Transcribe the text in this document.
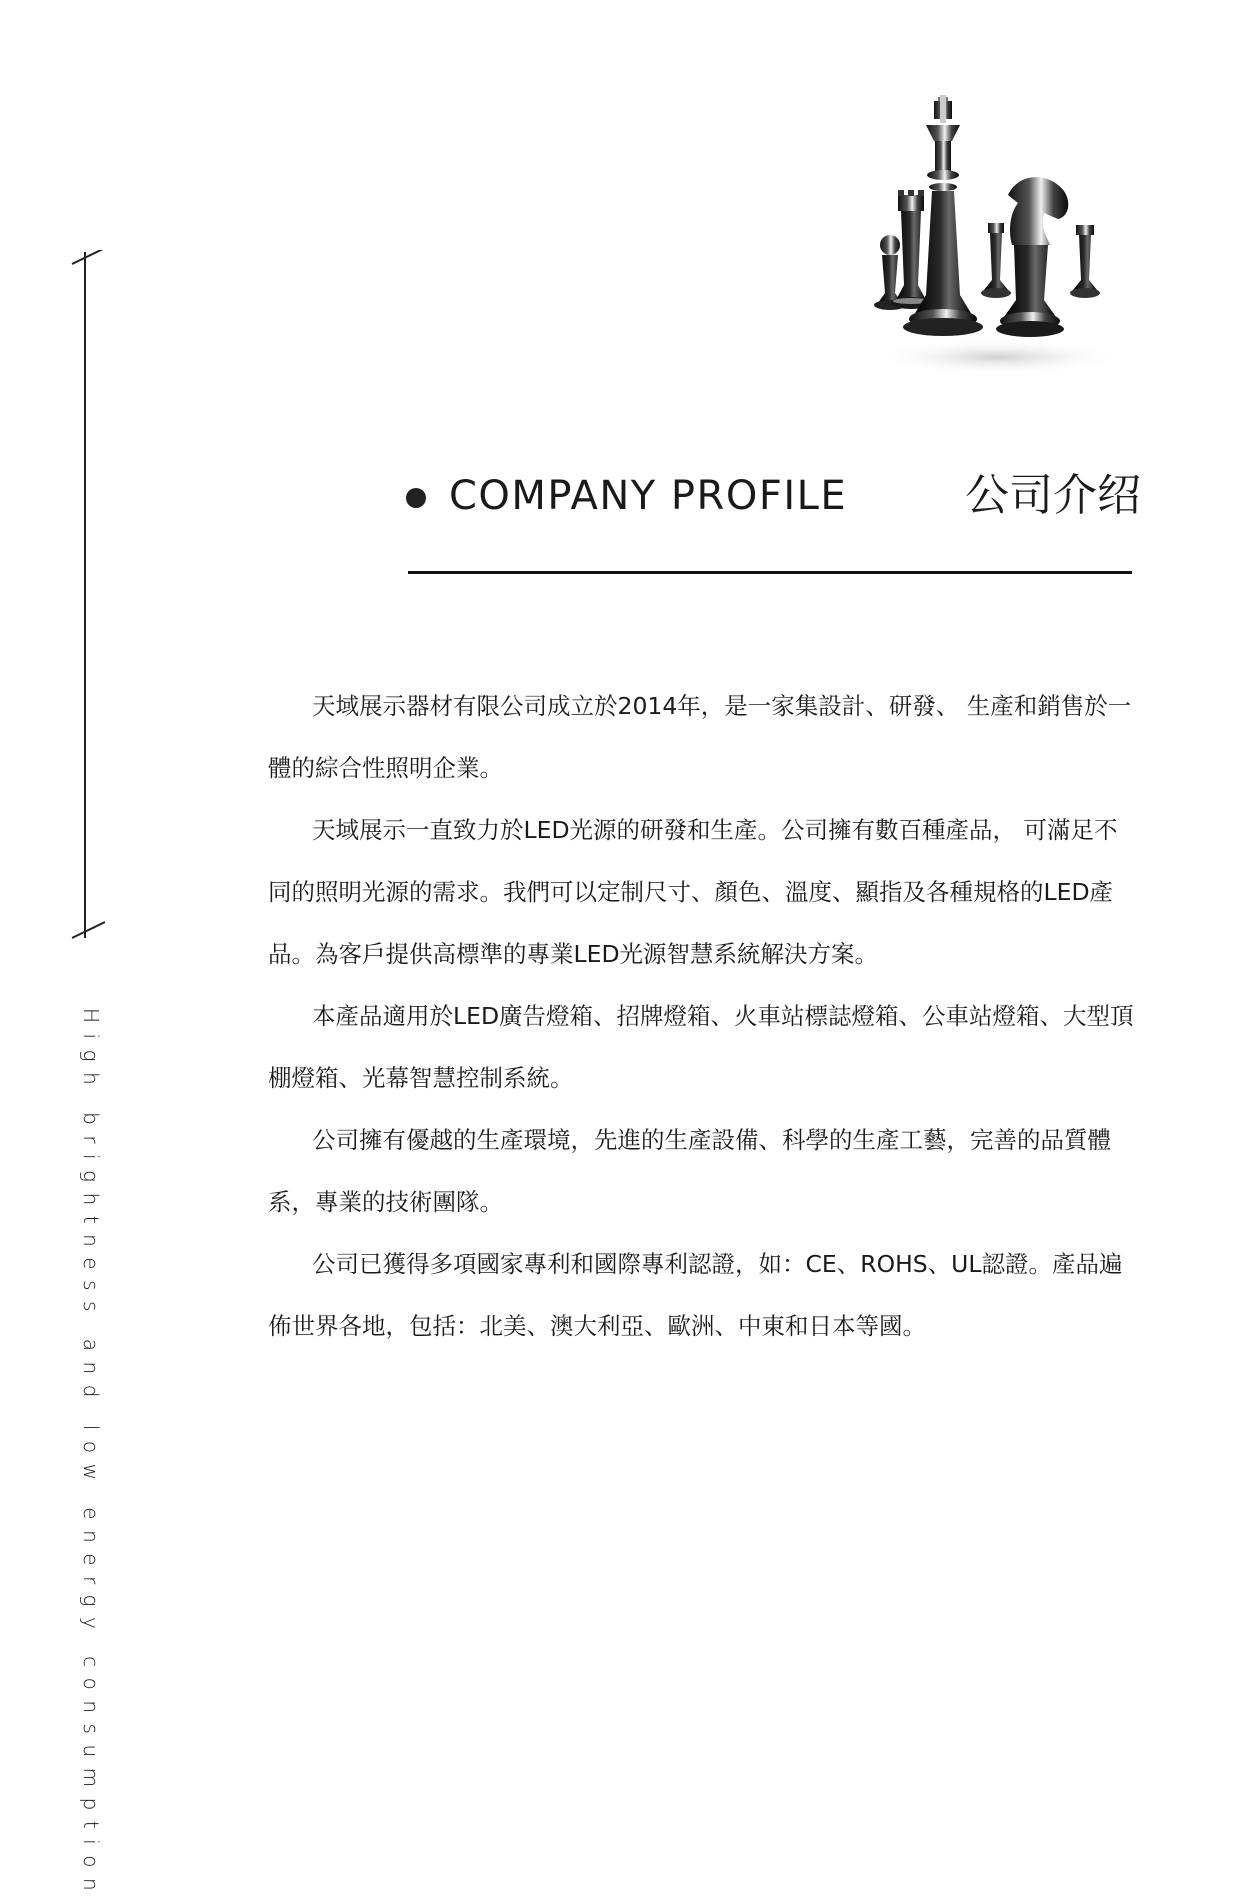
High brightness and low energy consumption
COMPANY PROFILE	公司介绍

天域展示器材有限公司成立於2014年，是一家集設計、研發、 生產和銷售於一
體的綜合性照明企業。

天域展示一直致力於LED光源的研發和生產。公司擁有數百種產品， 可滿足不
同的照明光源的需求。我們可以定制尺寸、顏色、溫度、顯指及各種規格的LED產
品。為客戶提供高標準的專業LED光源智慧系統解決方案。

本產品適用於LED廣告燈箱、招牌燈箱、火車站標誌燈箱、公車站燈箱、大型頂
棚燈箱、光幕智慧控制系統。

公司擁有優越的生產環境，先進的生產設備、科學的生產工藝，完善的品質體
系，專業的技術團隊。

公司已獲得多項國家專利和國際專利認證，如：CE、ROHS、UL認證。產品遍
佈世界各地，包括：北美、澳大利亞、歐洲、中東和日本等國。
